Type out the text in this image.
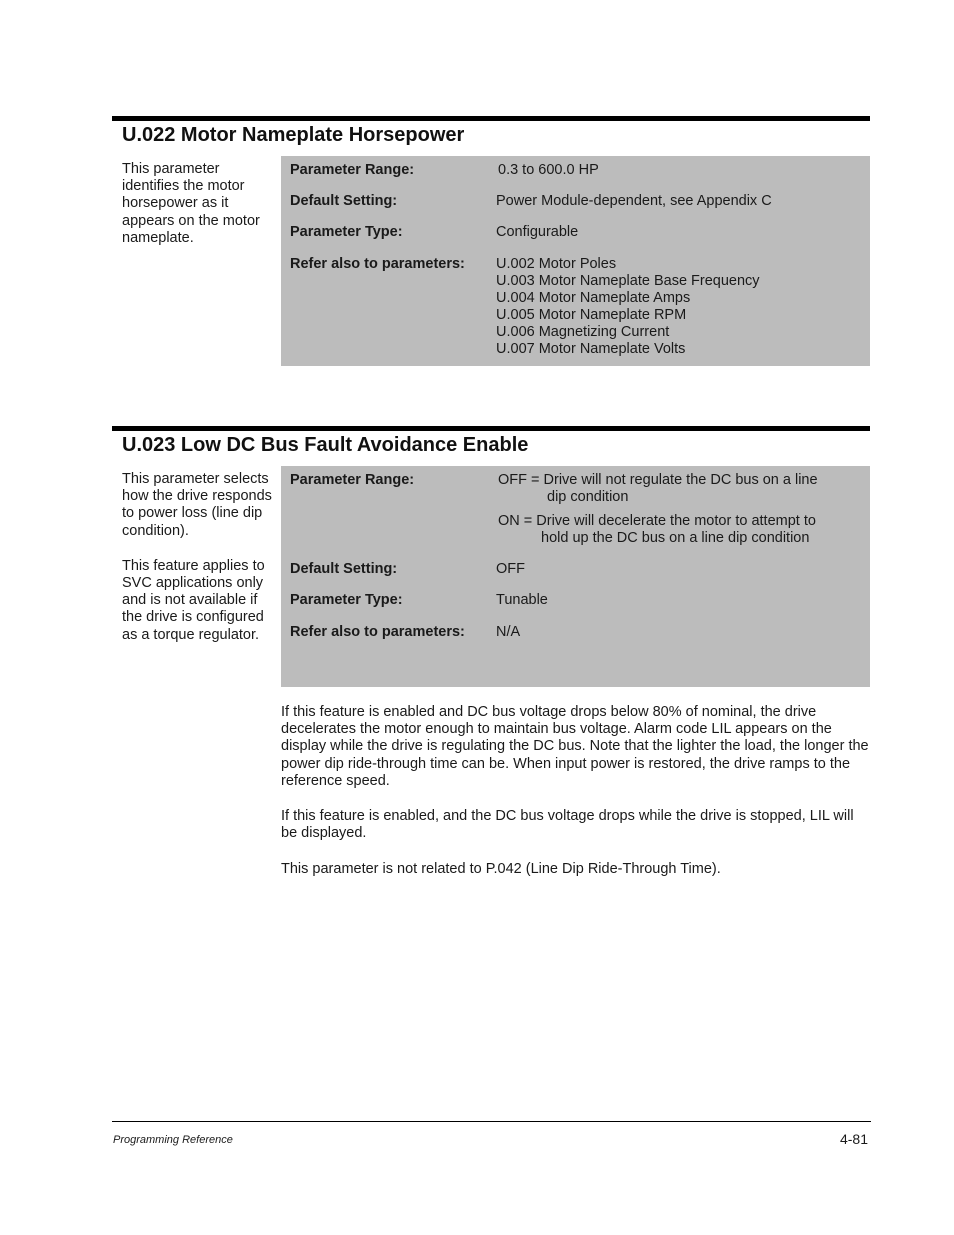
U.022 Motor Nameplate Horsepower

This parameter identifies the motor horsepower as it appears on the motor nameplate.

Parameter Range:	0.3 to 600.0 HP
Default Setting:	Power Module-dependent, see Appendix C
Parameter Type:	Configurable
Refer also to parameters: U.002 Motor Poles
U.003 Motor Nameplate Base Frequency
U.004 Motor Nameplate Amps
U.005 Motor Nameplate RPM
U.006 Magnetizing Current
U.007 Motor Nameplate Volts
U.023 Low DC Bus Fault Avoidance Enable

This parameter selects how the drive responds to power loss (line dip condition).

This feature applies to SVC applications only and is not available if the drive is configured as a torque regulator.

Parameter Range:	OFF = Drive will not regulate the DC bus on a line
dip condition
ON = Drive will decelerate the motor to attempt to
hold up the DC bus on a line dip condition
Default Setting:	OFF
Parameter Type:	Tunable
Refer also to parameters: N/A

If this feature is enabled and DC bus voltage drops below 80% of nominal, the drive decelerates the motor enough to maintain bus voltage. Alarm code LIL appears on the display while the drive is regulating the DC bus. Note that the lighter the load, the longer the power dip ride-through time can be. When input power is restored, the drive ramps to the reference speed.

If this feature is enabled, and the DC bus voltage drops while the drive is stopped, LIL will be displayed.

This parameter is not related to P.042 (Line Dip Ride-Through Time).

Programming Reference	4-81
